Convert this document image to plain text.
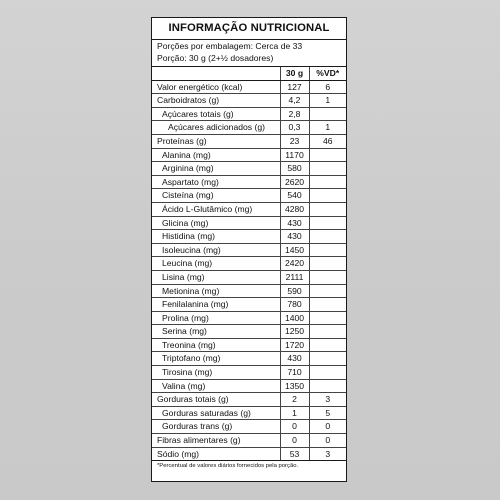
INFORMAÇÃO NUTRICIONAL
Porções por embalagem: Cerca de 33
Porção: 30 g (2+½ dosadores)
	30 g	%VD*
Valor energético (kcal)	127	6
Carboidratos (g)	4,2	1
Açúcares totais (g)	2,8	
Açúcares adicionados (g)	0,3	1
Proteínas (g)	23	46
Alanina (mg)	1170	
Arginina (mg)	580	
Aspartato (mg)	2620	
Cisteína (mg)	540	
Ácido L-Glutâmico (mg)	4280	
Glicina (mg)	430	
Histidina (mg)	430	
Isoleucina (mg)	1450	
Leucina (mg)	2420	
Lisina (mg)	2111	
Metionina (mg)	590	
Fenilalanina (mg)	780	
Prolina (mg)	1400	
Serina (mg)	1250	
Treonina (mg)	1720	
Triptofano (mg)	430	
Tirosina (mg)	710	
Valina (mg)	1350	
Gorduras totais (g)	2	3
Gorduras saturadas (g)	1	5
Gorduras trans (g)	0	0
Fibras alimentares (g)	0	0
Sódio (mg)	53	3
*Percentual de valores diários fornecidos pela porção.
